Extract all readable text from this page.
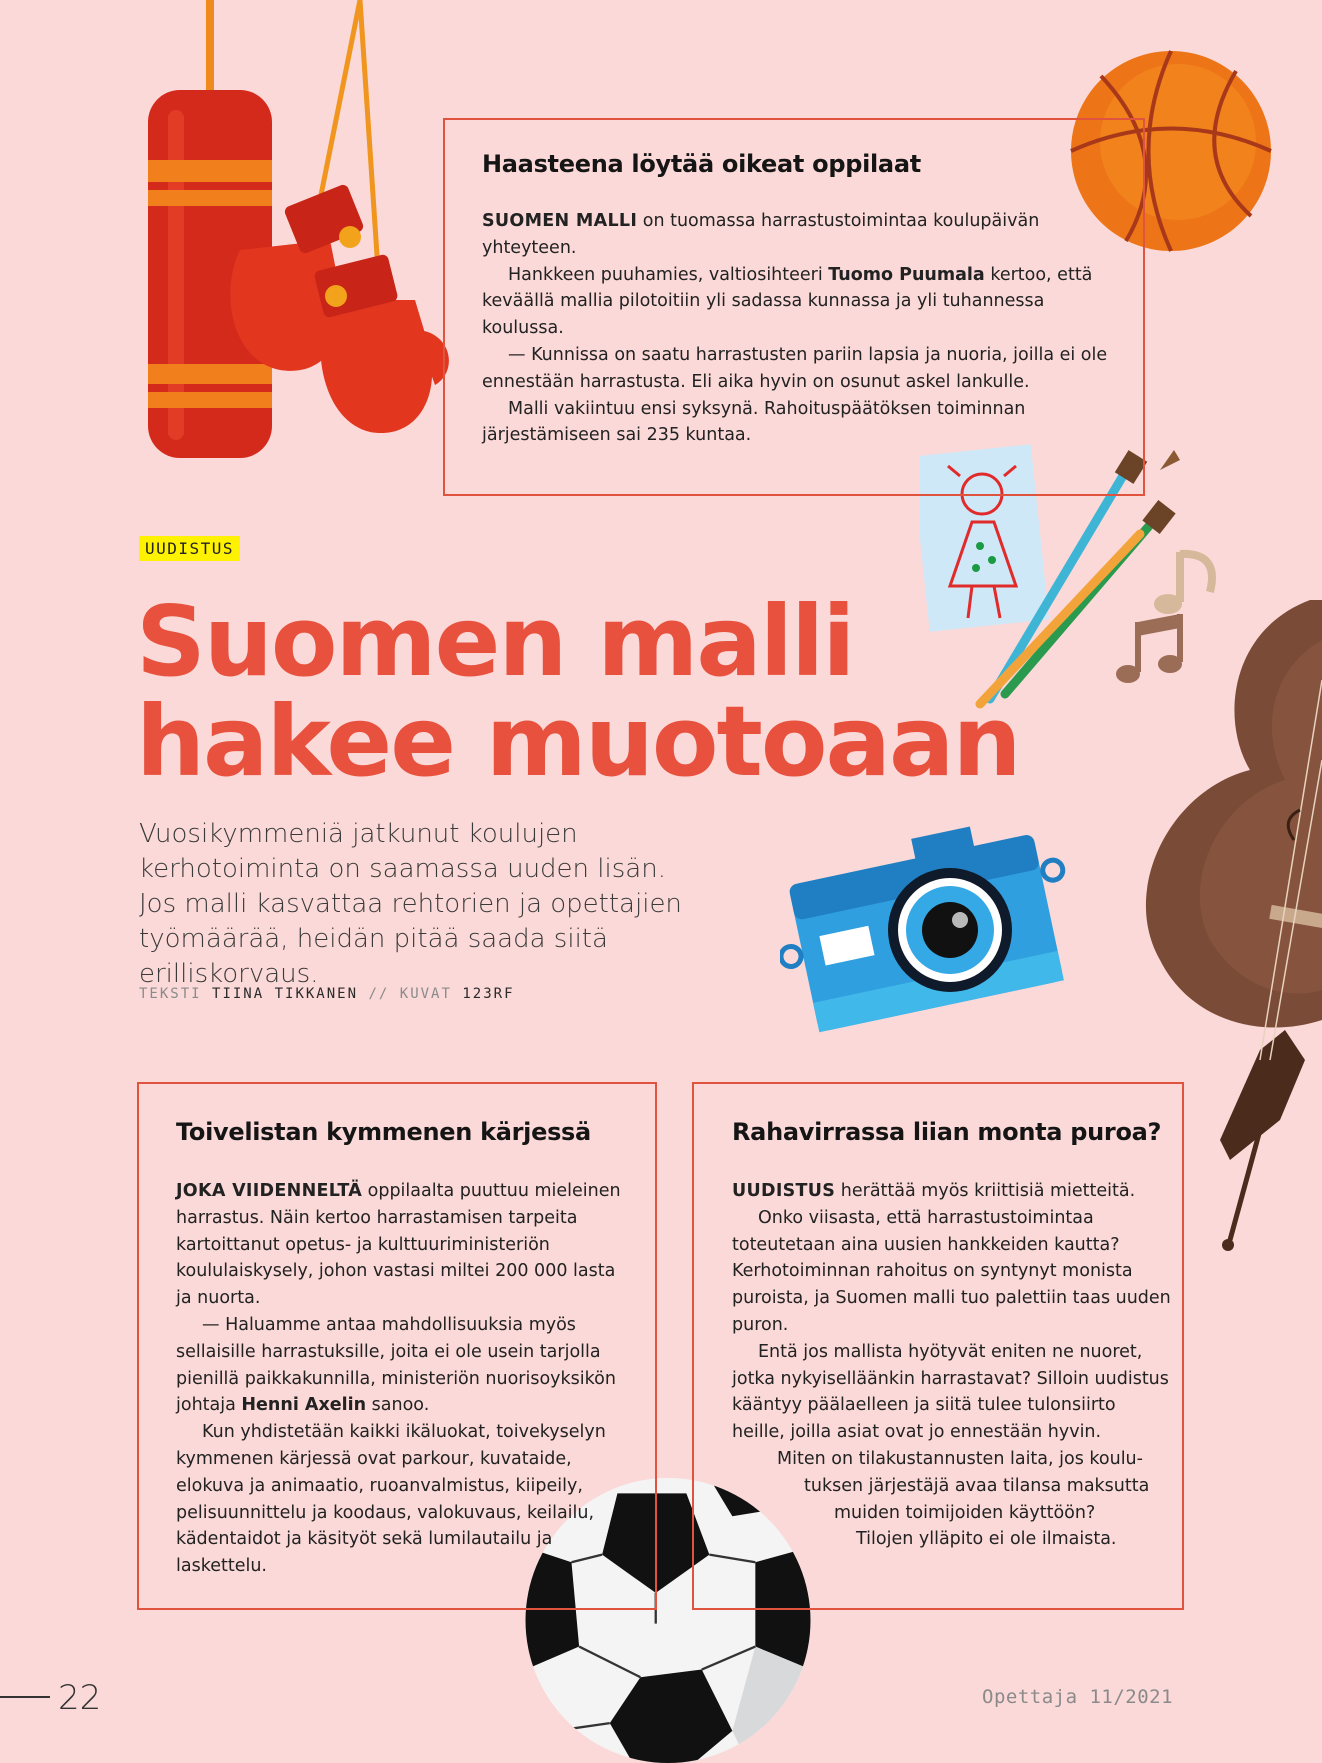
Haasteena löytää oikeat oppilaat

SUOMEN MALLI on tuomassa harrastustoimintaa koulupäivän yhteyteen.

Hankkeen puuhamies, valtiosihteeri Tuomo Puumala kertoo, että keväällä mallia pilotoitiin yli sadassa kunnassa ja yli tuhannessa koulussa.

— Kunnissa on saatu harrastusten pariin lapsia ja nuoria, joilla ei ole ennestään harrastusta. Eli aika hyvin on osunut askel lankulle.

Malli vakiintuu ensi syksynä. Rahoituspäätöksen toiminnan järjestämiseen sai 235 kuntaa.

UUDISTUS
Suomen malli
hakee muotoaan
Vuosikymmeniä jatkunut koulujen kerhotoiminta on saamassa uuden lisän. Jos malli kasvattaa rehtorien ja opettajien työmäärää, heidän pitää saada siitä erilliskorvaus.
TEKSTI TIINA TIKKANEN // KUVAT 123RF
Toivelistan kymmenen kärjessä

JOKA VIIDENNELTÄ oppilaalta puuttuu mieleinen harrastus. Näin kertoo harrastamisen tarpeita kartoittanut opetus- ja kulttuuriministeriön koululaiskysely, johon vastasi miltei 200 000 lasta ja nuorta.

— Haluamme antaa mahdollisuuksia myös sellaisille harrastuksille, joita ei ole usein tarjolla pienillä paikkakunnilla, ministeriön nuorisoyksikön johtaja Henni Axelin sanoo.

Kun yhdistetään kaikki ikäluokat, toivekyselyn kymmenen kärjessä ovat parkour, kuvataide, elokuva ja animaatio, ruoanvalmistus, kiipeily, pelisuunnittelu ja koodaus, valokuvaus, keilailu, kädentaidot ja käsityöt sekä lumilautailu ja laskettelu.

Rahavirrassa liian monta puroa?

UUDISTUS herättää myös kriittisiä mietteitä.

Onko viisasta, että harrastustoimintaa toteutetaan aina uusien hankkeiden kautta? Kerhotoiminnan rahoitus on syntynyt monista puroista, ja Suomen malli tuo palettiin taas uuden puron.

Entä jos mallista hyötyvät eniten ne nuoret, jotka nykyiselläänkin harrastavat? Silloin uudistus kääntyy päälaelleen ja siitä tulee tulonsiirto heille, joilla asiat ovat jo ennestään hyvin.

Miten on tilakustannusten laita, jos koulu-

tuksen järjestäjä avaa tilansa maksutta

muiden toimijoiden käyttöön?

Tilojen ylläpito ei ole ilmaista.

22	Opettaja 11/2021
